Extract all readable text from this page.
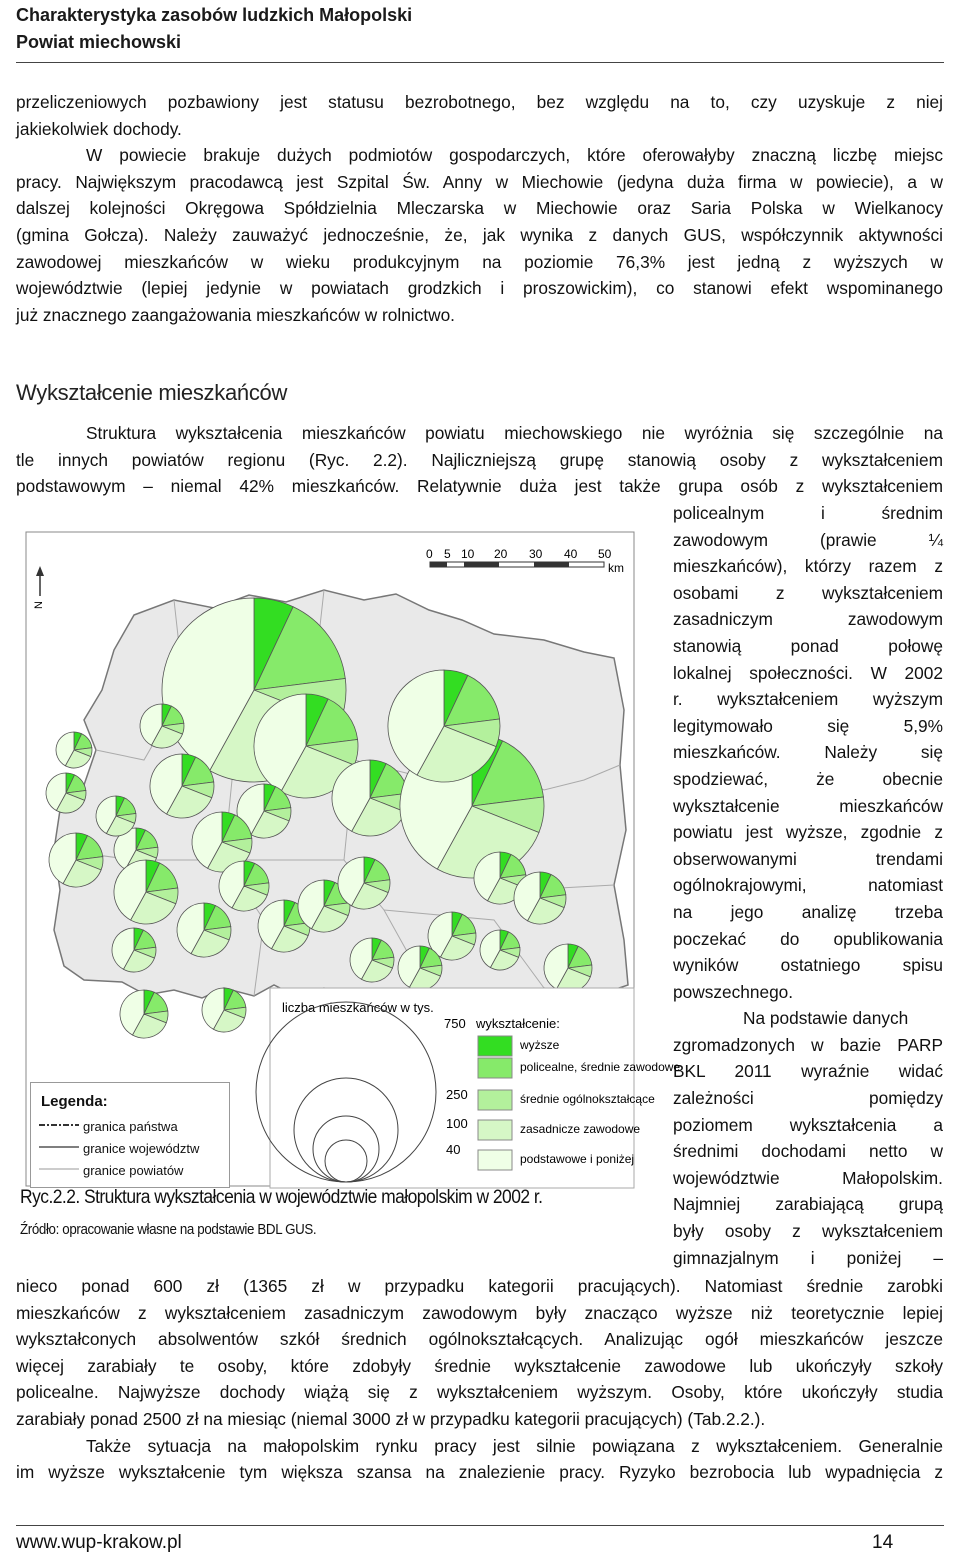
Charakterystyka zasobów ludzkich Małopolski
Powiat miechowski
przeliczeniowych pozbawiony jest statusu bezrobotnego, bez względu na to, czy uzyskuje z niej
jakiekolwiek dochody.
W powiecie brakuje dużych podmiotów gospodarczych, które oferowałyby znaczną liczbę miejsc
pracy. Największym pracodawcą jest Szpital Św. Anny w Miechowie (jedyna duża firma w powiecie), a w
dalszej kolejności Okręgowa Spółdzielnia Mleczarska w Miechowie oraz Saria Polska w Wielkanocy
(gmina Gołcza). Należy zauważyć jednocześnie, że, jak wynika z danych GUS, współczynnik aktywności
zawodowej mieszkańców w wieku produkcyjnym na poziomie 76,3% jest jedną z wyższych w
województwie (lepiej jedynie w powiatach grodzkich i proszowickim), co stanowi efekt wspominanego
już znacznego zaangażowania mieszkańców w rolnictwo.
Wykształcenie mieszkańców
Struktura wykształcenia mieszkańców powiatu miechowskiego nie wyróżnia się szczególnie na
tle innych powiatów regionu (Ryc. 2.2). Najliczniejszą grupę stanowią osoby z wykształceniem
podstawowym – niemal 42% mieszkańców. Relatywnie duża jest także grupa osób z wykształceniem
policealnym i średnim
zawodowym (prawie ¼
mieszkańców), którzy razem z
osobami z wykształceniem
zasadniczym zawodowym
stanowią ponad połowę
lokalnej społeczności. W 2002
r. wykształceniem wyższym
legitymowało się 5,9%
mieszkańców. Należy się
spodziewać, że obecnie
wykształcenie mieszkańców
powiatu jest wyższe, zgodnie z
obserwowanymi trendami
ogólnokrajowymi, natomiast
na jego analizę trzeba
poczekać do opublikowania
wyników ostatniego spisu
powszechnego.
Na podstawie danych
zgromadzonych w bazie PARP
BKL 2011 wyraźnie widać
zależności pomiędzy
poziomem wykształcenia a
średnimi dochodami netto w
województwie Małopolskim.
Najmniej zarabiającą grupą
były osoby z wykształceniem
gimnazjalnym i poniżej –
0 5 10 20 30 40 50
km
N
liczba mieszkańców w tys.
750
250
100
40
wykształcenie:
wyższe
policealne, średnie zawodowe
średnie ogólnokształcące
zasadnicze zawodowe
podstawowe i poniżej
Legenda:
granica państwa
granice województw
granice powiatów
Ryc.2.2. Struktura wykształcenia w województwie małopolskim w 2002 r.
Źródło: opracowanie własne na podstawie BDL GUS.
nieco ponad 600 zł (1365 zł w przypadku kategorii pracujących). Natomiast średnie zarobki
mieszkańców z wykształceniem zasadniczym zawodowym były znacząco wyższe niż teoretycznie lepiej
wykształconych absolwentów szkół średnich ogólnokształcących. Analizując ogół mieszkańców jeszcze
więcej zarabiały te osoby, które zdobyły średnie wykształcenie zawodowe lub ukończyły szkoły
policealne. Najwyższe dochody wiążą się z wykształceniem wyższym. Osoby, które ukończyły studia
zarabiały ponad 2500 zł na miesiąc (niemal 3000 zł w przypadku kategorii pracujących) (Tab.2.2.).
Także sytuacja na małopolskim rynku pracy jest silnie powiązana z wykształceniem. Generalnie
im wyższe wykształcenie tym większa szansa na znalezienie pracy. Ryzyko bezrobocia lub wypadnięcia z
www.wup-krakow.pl	14
